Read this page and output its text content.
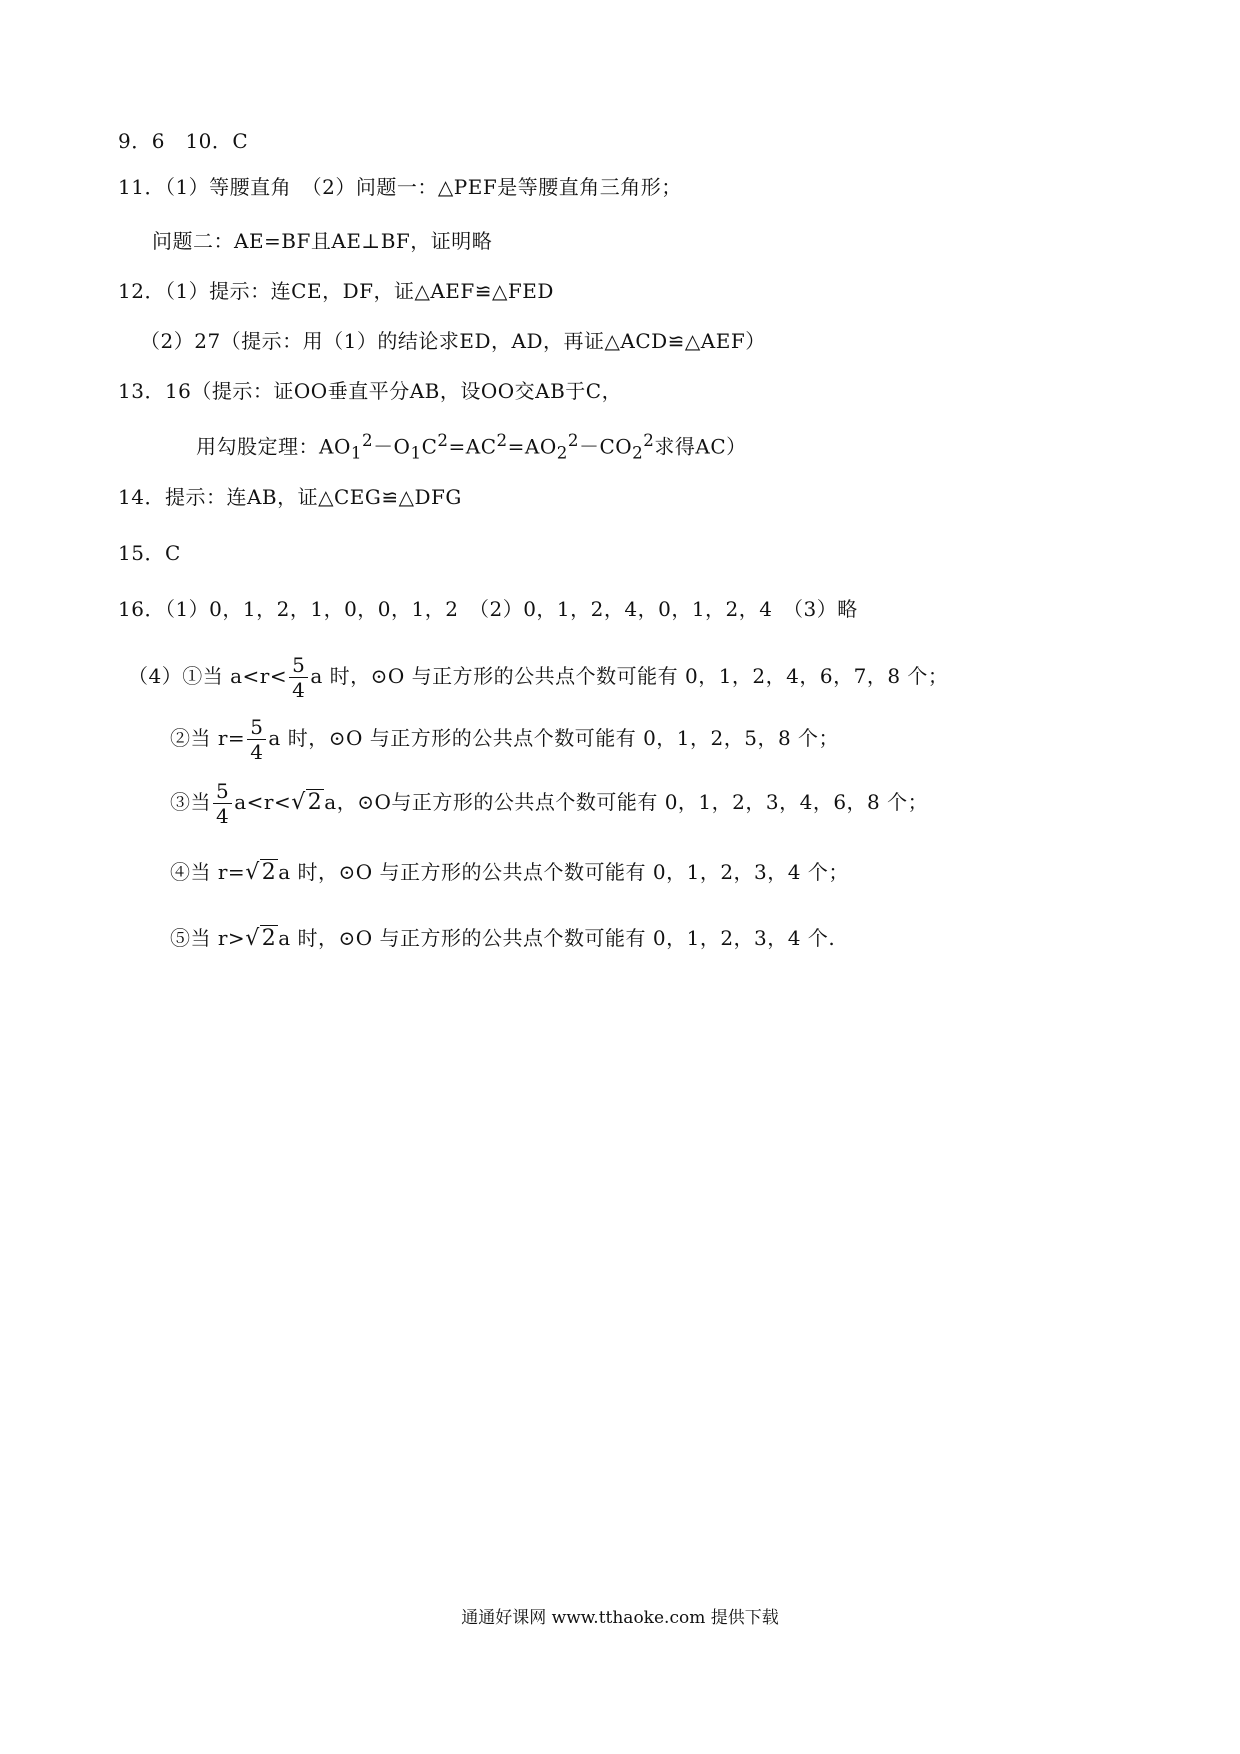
9．6　10．C
11．（1）等腰直角　（2）问题一：△PEF是等腰直角三角形；
问题二：AE=BF且AE⊥BF，证明略
12．（1）提示：连CE，DF，证△AEF≌△FED
（2）27（提示：用（1）的结论求ED，AD，再证△ACD≌△AEF）
13．16（提示：证OO垂直平分AB，设OO交AB于C，
用勾股定理：$AO_1^2-O_1C^2=AC^2=AO_2^2-CO_2^2$求得AC）
14．提示：连AB，证△CEG≌△DFG
15．C
16．（1）0，1，2，1，0，0，1，2　（2）0，1，2，4，0，1，2，4　（3）略
（4）①当 $a<r< \frac{5}{4}$ a 时，⊙O 与正方形的公共点个数可能有 0，1，2，4，6，7，8 个；
②当 $r= \frac{5}{4}$ a 时，⊙O 与正方形的公共点个数可能有 0，1，2，5，8 个；
③当 $\frac{5}{4} a<r<√2$ a，⊙O与正方形的公共点个数可能有 0，1，2，3，4，6，8 个；
④当 r=√2 a 时，⊙O 与正方形的公共点个数可能有 0，1，2，3，4 个；
⑤当 r>√2 a 时，⊙O 与正方形的公共点个数可能有 0，1，2，3，4 个.
通通好课网 www.tthaoke.com 提供下载
